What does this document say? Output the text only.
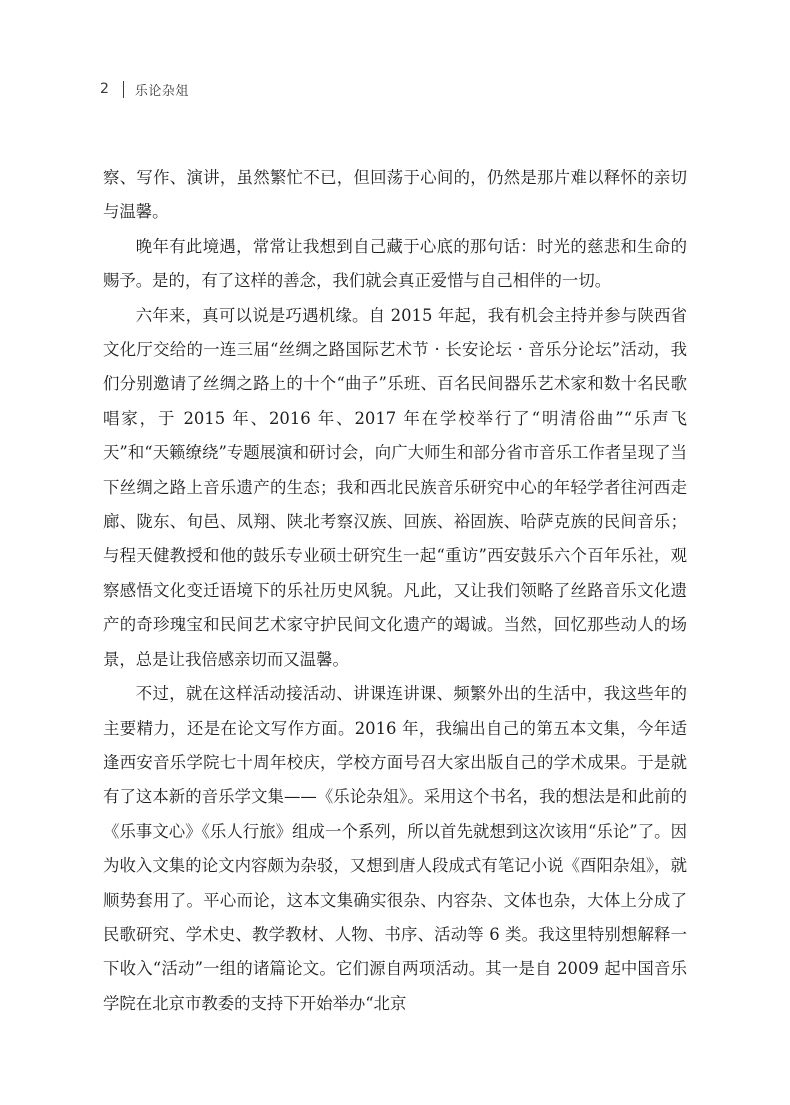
2 乐论杂俎

察、写作、演讲，虽然繁忙不已，但回荡于心间的，仍然是那片难以释怀的亲切与温馨。

晚年有此境遇，常常让我想到自己藏于心底的那句话：时光的慈悲和生命的赐予。是的，有了这样的善念，我们就会真正爱惜与自己相伴的一切。

六年来，真可以说是巧遇机缘。自 2015 年起，我有机会主持并参与陕西省文化厅交给的一连三届“丝绸之路国际艺术节 · 长安论坛 · 音乐分论坛”活动，我们分别邀请了丝绸之路上的十个“曲子”乐班、百名民间器乐艺术家和数十名民歌唱家，于 2015 年、2016 年、2017 年在学校举行了“明清俗曲”“乐声飞天”和“天籁缭绕”专题展演和研讨会，向广大师生和部分省市音乐工作者呈现了当下丝绸之路上音乐遗产的生态；我和西北民族音乐研究中心的年轻学者往河西走廊、陇东、旬邑、凤翔、陕北考察汉族、回族、裕固族、哈萨克族的民间音乐；与程天健教授和他的鼓乐专业硕士研究生一起“重访”西安鼓乐六个百年乐社，观察感悟文化变迁语境下的乐社历史风貌。凡此，又让我们领略了丝路音乐文化遗产的奇珍瑰宝和民间艺术家守护民间文化遗产的竭诚。当然，回忆那些动人的场景，总是让我倍感亲切而又温馨。

不过，就在这样活动接活动、讲课连讲课、频繁外出的生活中，我这些年的主要精力，还是在论文写作方面。2016 年，我编出自己的第五本文集，今年适逢西安音乐学院七十周年校庆，学校方面号召大家出版自己的学术成果。于是就有了这本新的音乐学文集——《乐论杂俎》。采用这个书名，我的想法是和此前的《乐事文心》《乐人行旅》组成一个系列，所以首先就想到这次该用“乐论”了。因为收入文集的论文内容颇为杂驳，又想到唐人段成式有笔记小说《酉阳杂俎》，就顺势套用了。平心而论，这本文集确实很杂、内容杂、文体也杂，大体上分成了民歌研究、学术史、教学教材、人物、书序、活动等 6 类。我这里特别想解释一下收入“活动”一组的诸篇论文。它们源自两项活动。其一是自 2009 起中国音乐学院在北京市教委的支持下开始举办“北京
